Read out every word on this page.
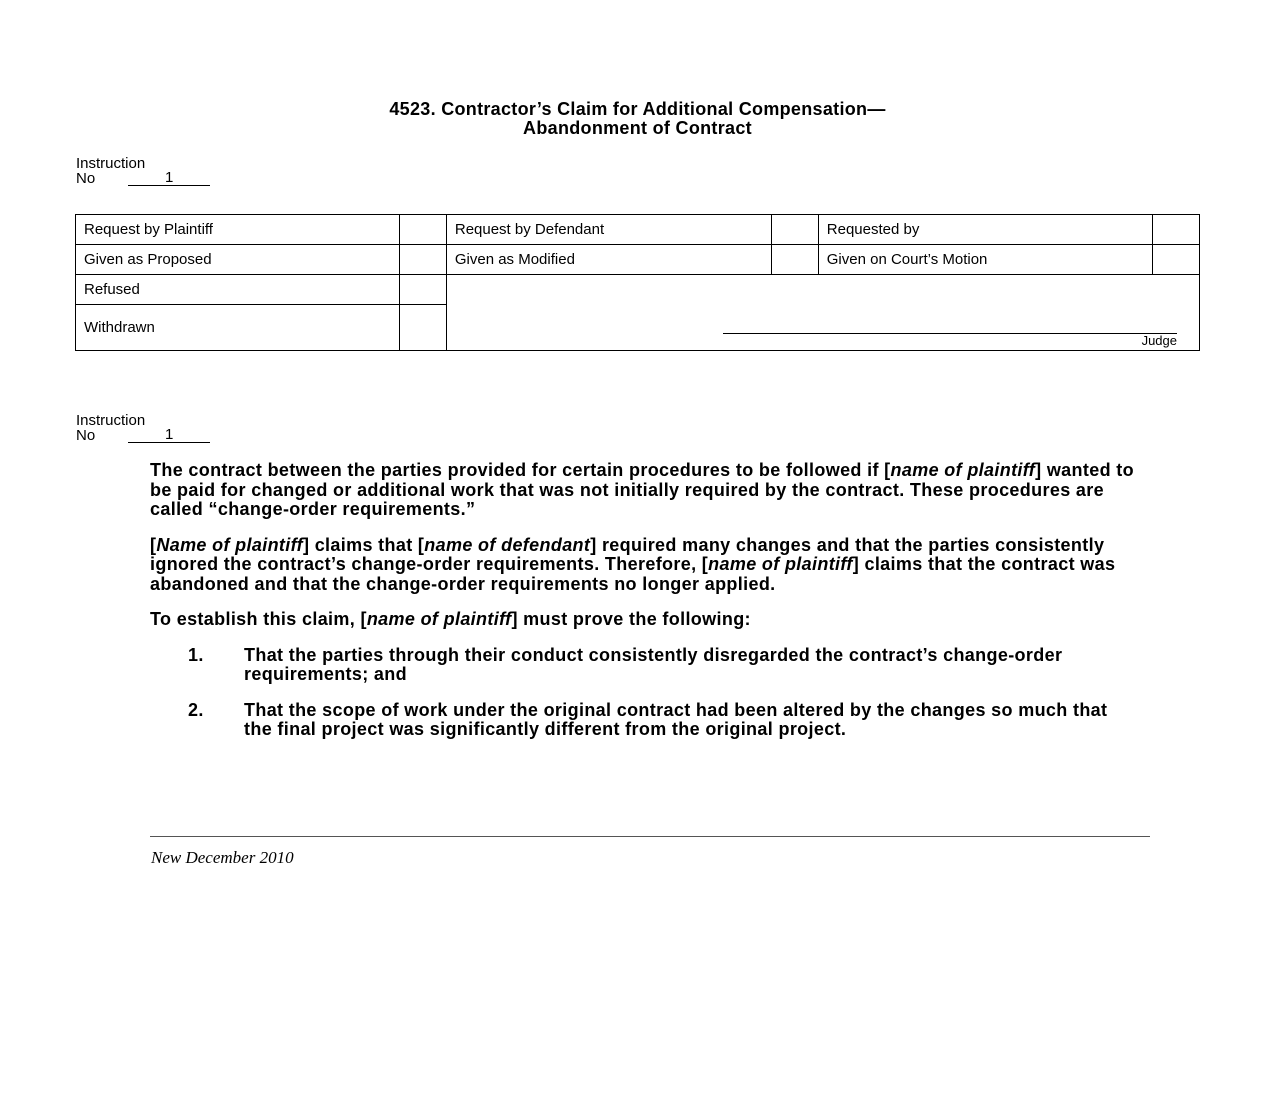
4523. Contractor’s Claim for Additional Compensation—
Abandonment of Contract
Instruction
No	1
Request by Plaintiff		Request by Defendant		Requested by	
Given as Proposed		Given as Modified		Given on Court’s Motion	
Refused		Judge			

Withdrawn					
Instruction
No	1

The contract between the parties provided for certain procedures to be followed if [name of plaintiff] wanted to be paid for changed or additional work that was not initially required by the contract. These procedures are called “change-order requirements.”

[Name of plaintiff] claims that [name of defendant] required many changes and that the parties consistently ignored the contract’s change-order requirements. Therefore, [name of plaintiff] claims that the contract was abandoned and that the change-order requirements no longer applied.

To establish this claim, [name of plaintiff] must prove the following:

1.	That the parties through their conduct consistently disregarded the contract’s change-order requirements; and
2.	That the scope of work under the original contract had been altered by the changes so much that the final project was significantly different from the original project.
New December 2010
